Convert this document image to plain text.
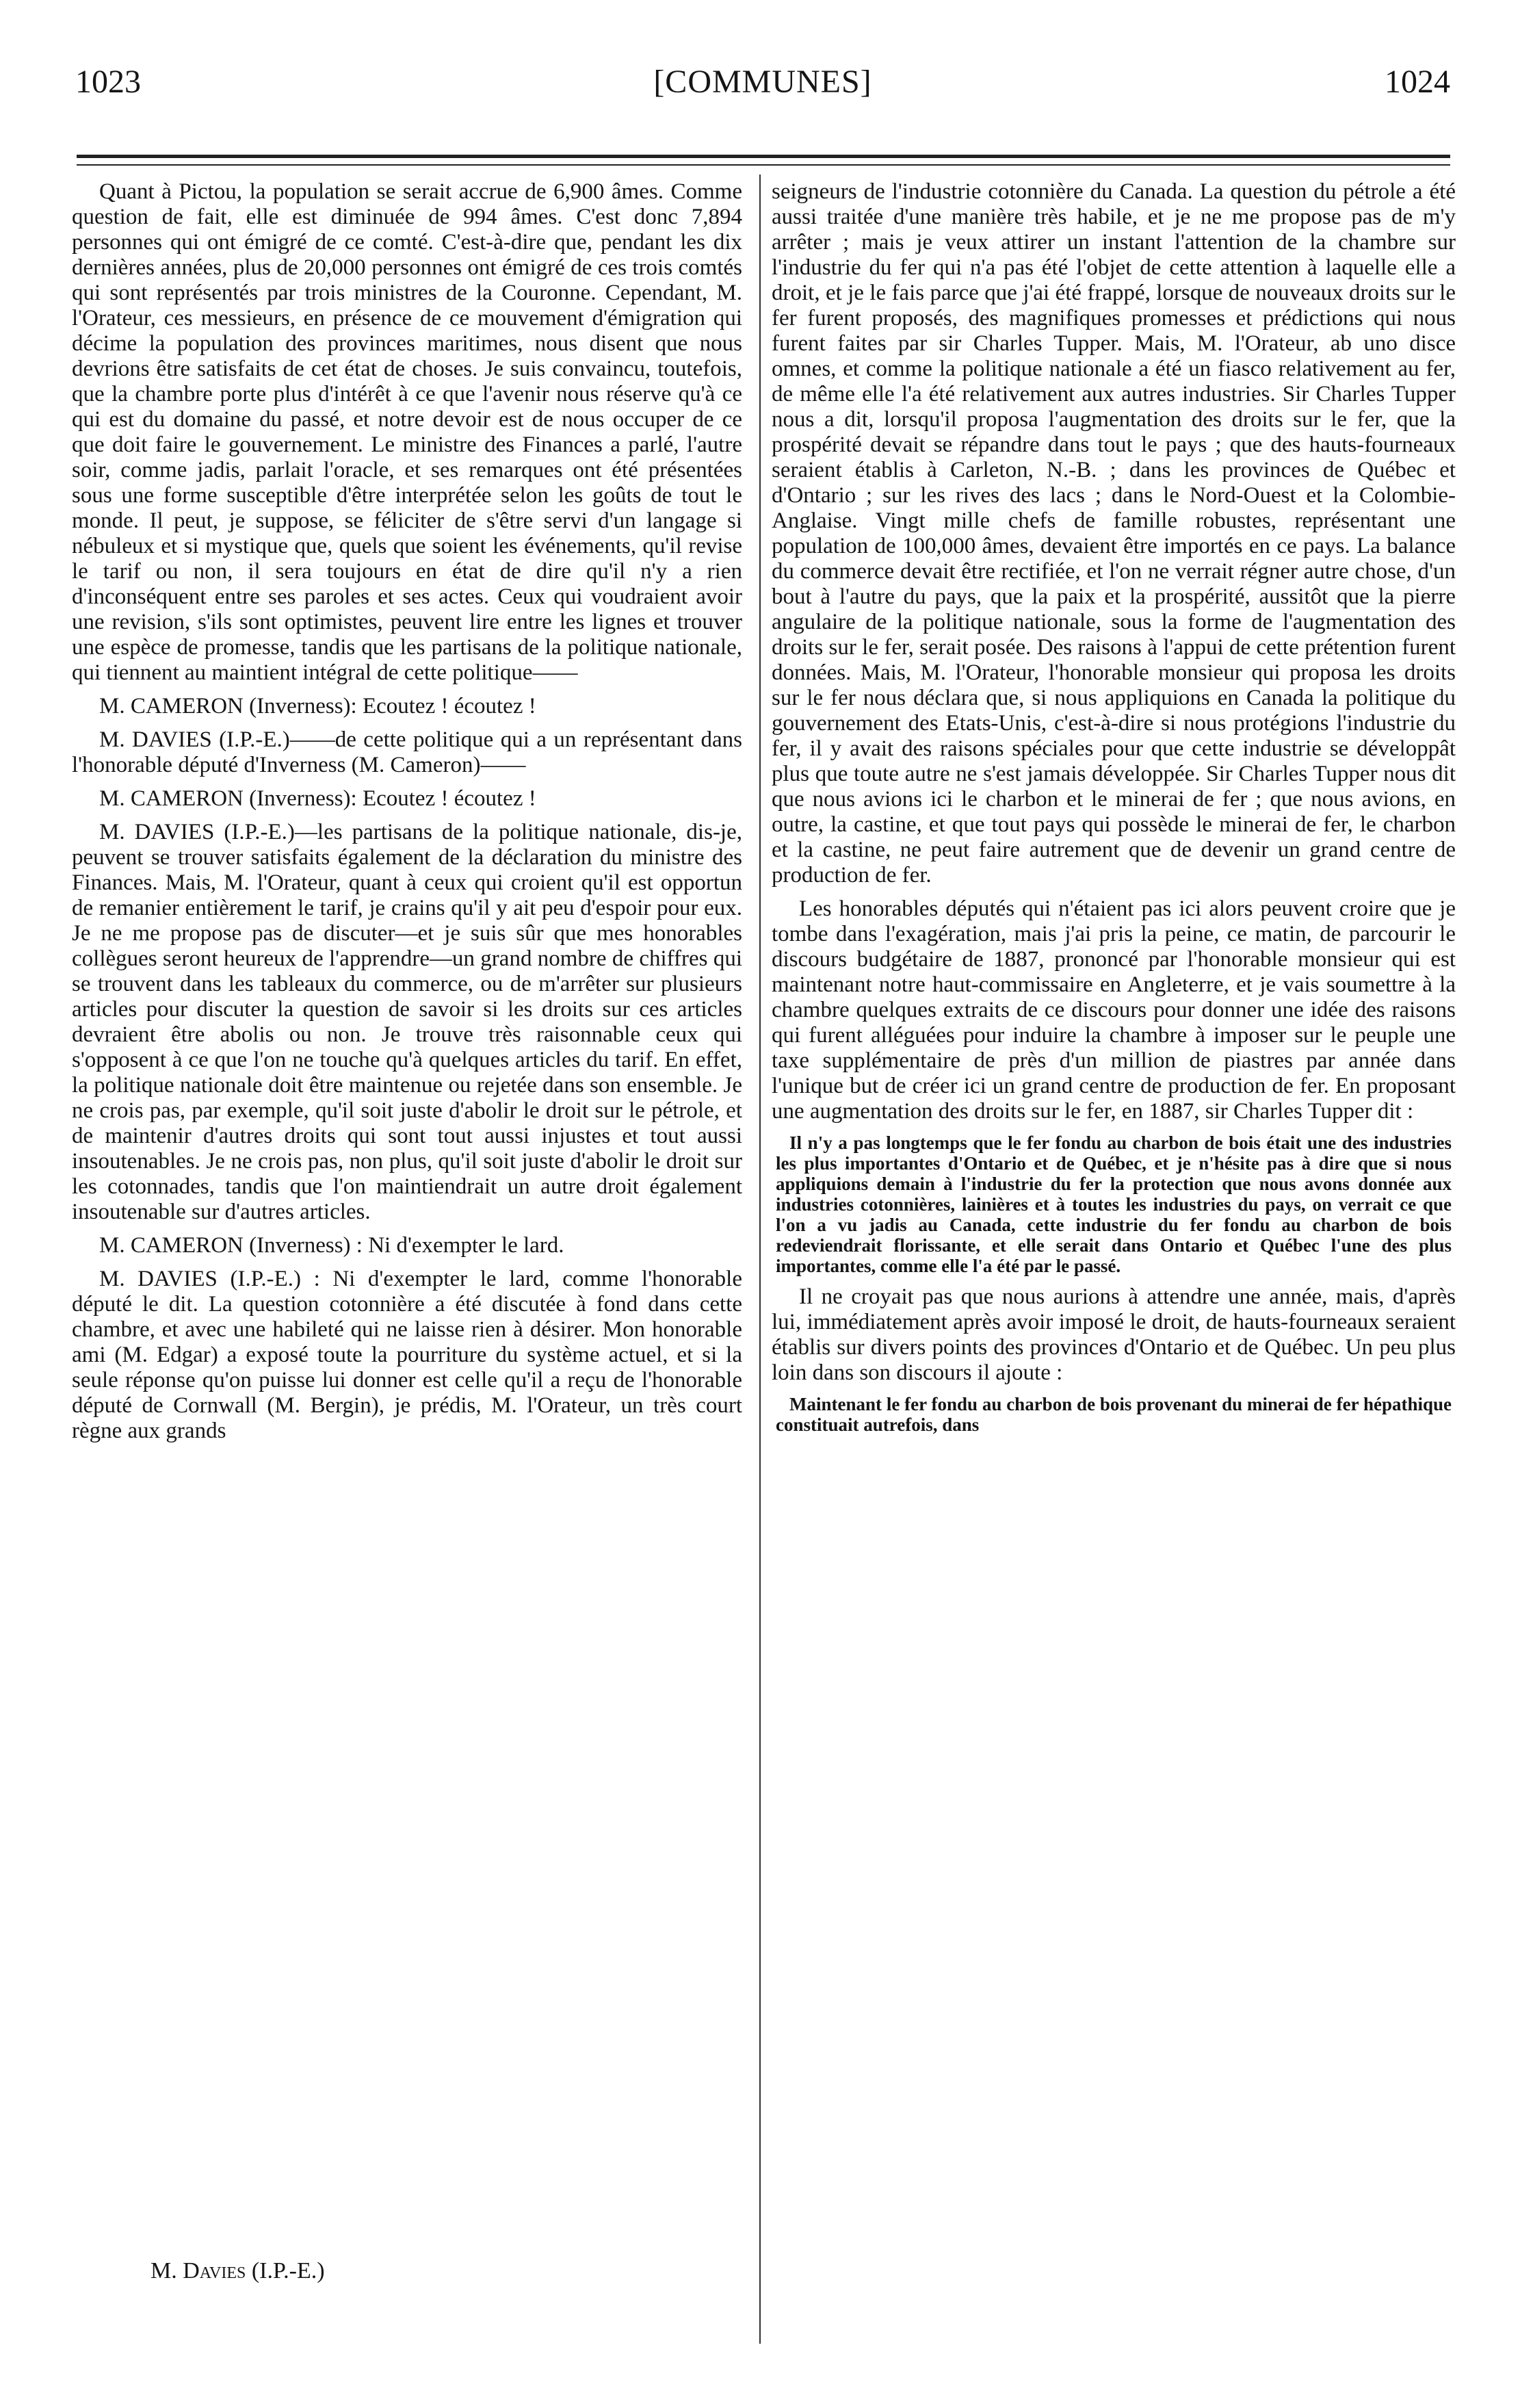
1023	[COMMUNES]	1024

Quant à Pictou, la population se serait accrue de 6,900 âmes. Comme question de fait, elle est diminuée de 994 âmes. C'est donc 7,894 personnes qui ont émigré de ce comté. C'est-à-dire que, pendant les dix dernières années, plus de 20,000 personnes ont émigré de ces trois comtés qui sont représentés par trois ministres de la Couronne. Cependant, M. l'Orateur, ces messieurs, en présence de ce mouvement d'émigration qui décime la population des provinces maritimes, nous disent que nous devrions être satisfaits de cet état de choses. Je suis convaincu, toutefois, que la chambre porte plus d'intérêt à ce que l'avenir nous réserve qu'à ce qui est du domaine du passé, et notre devoir est de nous occuper de ce que doit faire le gouvernement. Le ministre des Finances a parlé, l'autre soir, comme jadis, parlait l'oracle, et ses remarques ont été présentées sous une forme susceptible d'être interprétée selon les goûts de tout le monde. Il peut, je suppose, se féliciter de s'être servi d'un langage si nébuleux et si mystique que, quels que soient les événements, qu'il revise le tarif ou non, il sera toujours en état de dire qu'il n'y a rien d'inconséquent entre ses paroles et ses actes. Ceux qui voudraient avoir une revision, s'ils sont optimistes, peuvent lire entre les lignes et trouver une espèce de promesse, tandis que les partisans de la politique nationale, qui tiennent au maintient intégral de cette politique——

M. CAMERON (Inverness): Ecoutez ! écoutez !

M. DAVIES (I.P.-E.)——de cette politique qui a un représentant dans l'honorable député d'Inverness (M. Cameron)——

M. CAMERON (Inverness): Ecoutez ! écoutez !

M. DAVIES (I.P.-E.)—les partisans de la politique nationale, dis-je, peuvent se trouver satisfaits également de la déclaration du ministre des Finances. Mais, M. l'Orateur, quant à ceux qui croient qu'il est opportun de remanier entièrement le tarif, je crains qu'il y ait peu d'espoir pour eux. Je ne me propose pas de discuter—et je suis sûr que mes honorables collègues seront heureux de l'apprendre—un grand nombre de chiffres qui se trouvent dans les tableaux du commerce, ou de m'arrêter sur plusieurs articles pour discuter la question de savoir si les droits sur ces articles devraient être abolis ou non. Je trouve très raisonnable ceux qui s'opposent à ce que l'on ne touche qu'à quelques articles du tarif. En effet, la politique nationale doit être maintenue ou rejetée dans son ensemble. Je ne crois pas, par exemple, qu'il soit juste d'abolir le droit sur le pétrole, et de maintenir d'autres droits qui sont tout aussi injustes et tout aussi insoutenables. Je ne crois pas, non plus, qu'il soit juste d'abolir le droit sur les cotonnades, tandis que l'on maintiendrait un autre droit également insoutenable sur d'autres articles.

M. CAMERON (Inverness) : Ni d'exempter le lard.

M. DAVIES (I.P.-E.) : Ni d'exempter le lard, comme l'honorable député le dit. La question cotonnière a été discutée à fond dans cette chambre, et avec une habileté qui ne laisse rien à désirer. Mon honorable ami (M. Edgar) a exposé toute la pourriture du système actuel, et si la seule réponse qu'on puisse lui donner est celle qu'il a reçu de l'honorable député de Cornwall (M. Bergin), je prédis, M. l'Orateur, un très court règne aux grands

seigneurs de l'industrie cotonnière du Canada. La question du pétrole a été aussi traitée d'une manière très habile, et je ne me propose pas de m'y arrêter ; mais je veux attirer un instant l'attention de la chambre sur l'industrie du fer qui n'a pas été l'objet de cette attention à laquelle elle a droit, et je le fais parce que j'ai été frappé, lorsque de nouveaux droits sur le fer furent proposés, des magnifiques promesses et prédictions qui nous furent faites par sir Charles Tupper. Mais, M. l'Orateur, ab uno disce omnes, et comme la politique nationale a été un fiasco relativement au fer, de même elle l'a été relativement aux autres industries. Sir Charles Tupper nous a dit, lorsqu'il proposa l'augmentation des droits sur le fer, que la prospérité devait se répandre dans tout le pays ; que des hauts-fourneaux seraient établis à Carleton, N.-B. ; dans les provinces de Québec et d'Ontario ; sur les rives des lacs ; dans le Nord-Ouest et la Colombie-Anglaise. Vingt mille chefs de famille robustes, représentant une population de 100,000 âmes, devaient être importés en ce pays. La balance du commerce devait être rectifiée, et l'on ne verrait régner autre chose, d'un bout à l'autre du pays, que la paix et la prospérité, aussitôt que la pierre angulaire de la politique nationale, sous la forme de l'augmentation des droits sur le fer, serait posée. Des raisons à l'appui de cette prétention furent données. Mais, M. l'Orateur, l'honorable monsieur qui proposa les droits sur le fer nous déclara que, si nous appliquions en Canada la politique du gouvernement des Etats-Unis, c'est-à-dire si nous protégions l'industrie du fer, il y avait des raisons spéciales pour que cette industrie se développât plus que toute autre ne s'est jamais développée. Sir Charles Tupper nous dit que nous avions ici le charbon et le minerai de fer ; que nous avions, en outre, la castine, et que tout pays qui possède le minerai de fer, le charbon et la castine, ne peut faire autrement que de devenir un grand centre de production de fer.

Les honorables députés qui n'étaient pas ici alors peuvent croire que je tombe dans l'exagération, mais j'ai pris la peine, ce matin, de parcourir le discours budgétaire de 1887, prononcé par l'honorable monsieur qui est maintenant notre haut-commissaire en Angleterre, et je vais soumettre à la chambre quelques extraits de ce discours pour donner une idée des raisons qui furent alléguées pour induire la chambre à imposer sur le peuple une taxe supplémentaire de près d'un million de piastres par année dans l'unique but de créer ici un grand centre de production de fer. En proposant une augmentation des droits sur le fer, en 1887, sir Charles Tupper dit :

Il n'y a pas longtemps que le fer fondu au charbon de bois était une des industries les plus importantes d'Ontario et de Québec, et je n'hésite pas à dire que si nous appliquions demain à l'industrie du fer la protection que nous avons donnée aux industries cotonnières, lainières et à toutes les industries du pays, on verrait ce que l'on a vu jadis au Canada, cette industrie du fer fondu au charbon de bois redeviendrait florissante, et elle serait dans Ontario et Québec l'une des plus importantes, comme elle l'a été par le passé.

Il ne croyait pas que nous aurions à attendre une année, mais, d'après lui, immédiatement après avoir imposé le droit, de hauts-fourneaux seraient établis sur divers points des provinces d'Ontario et de Québec. Un peu plus loin dans son discours il ajoute :

Maintenant le fer fondu au charbon de bois provenant du minerai de fer hépathique constituait autrefois, dans

M. Davies (I.P.-E.)
